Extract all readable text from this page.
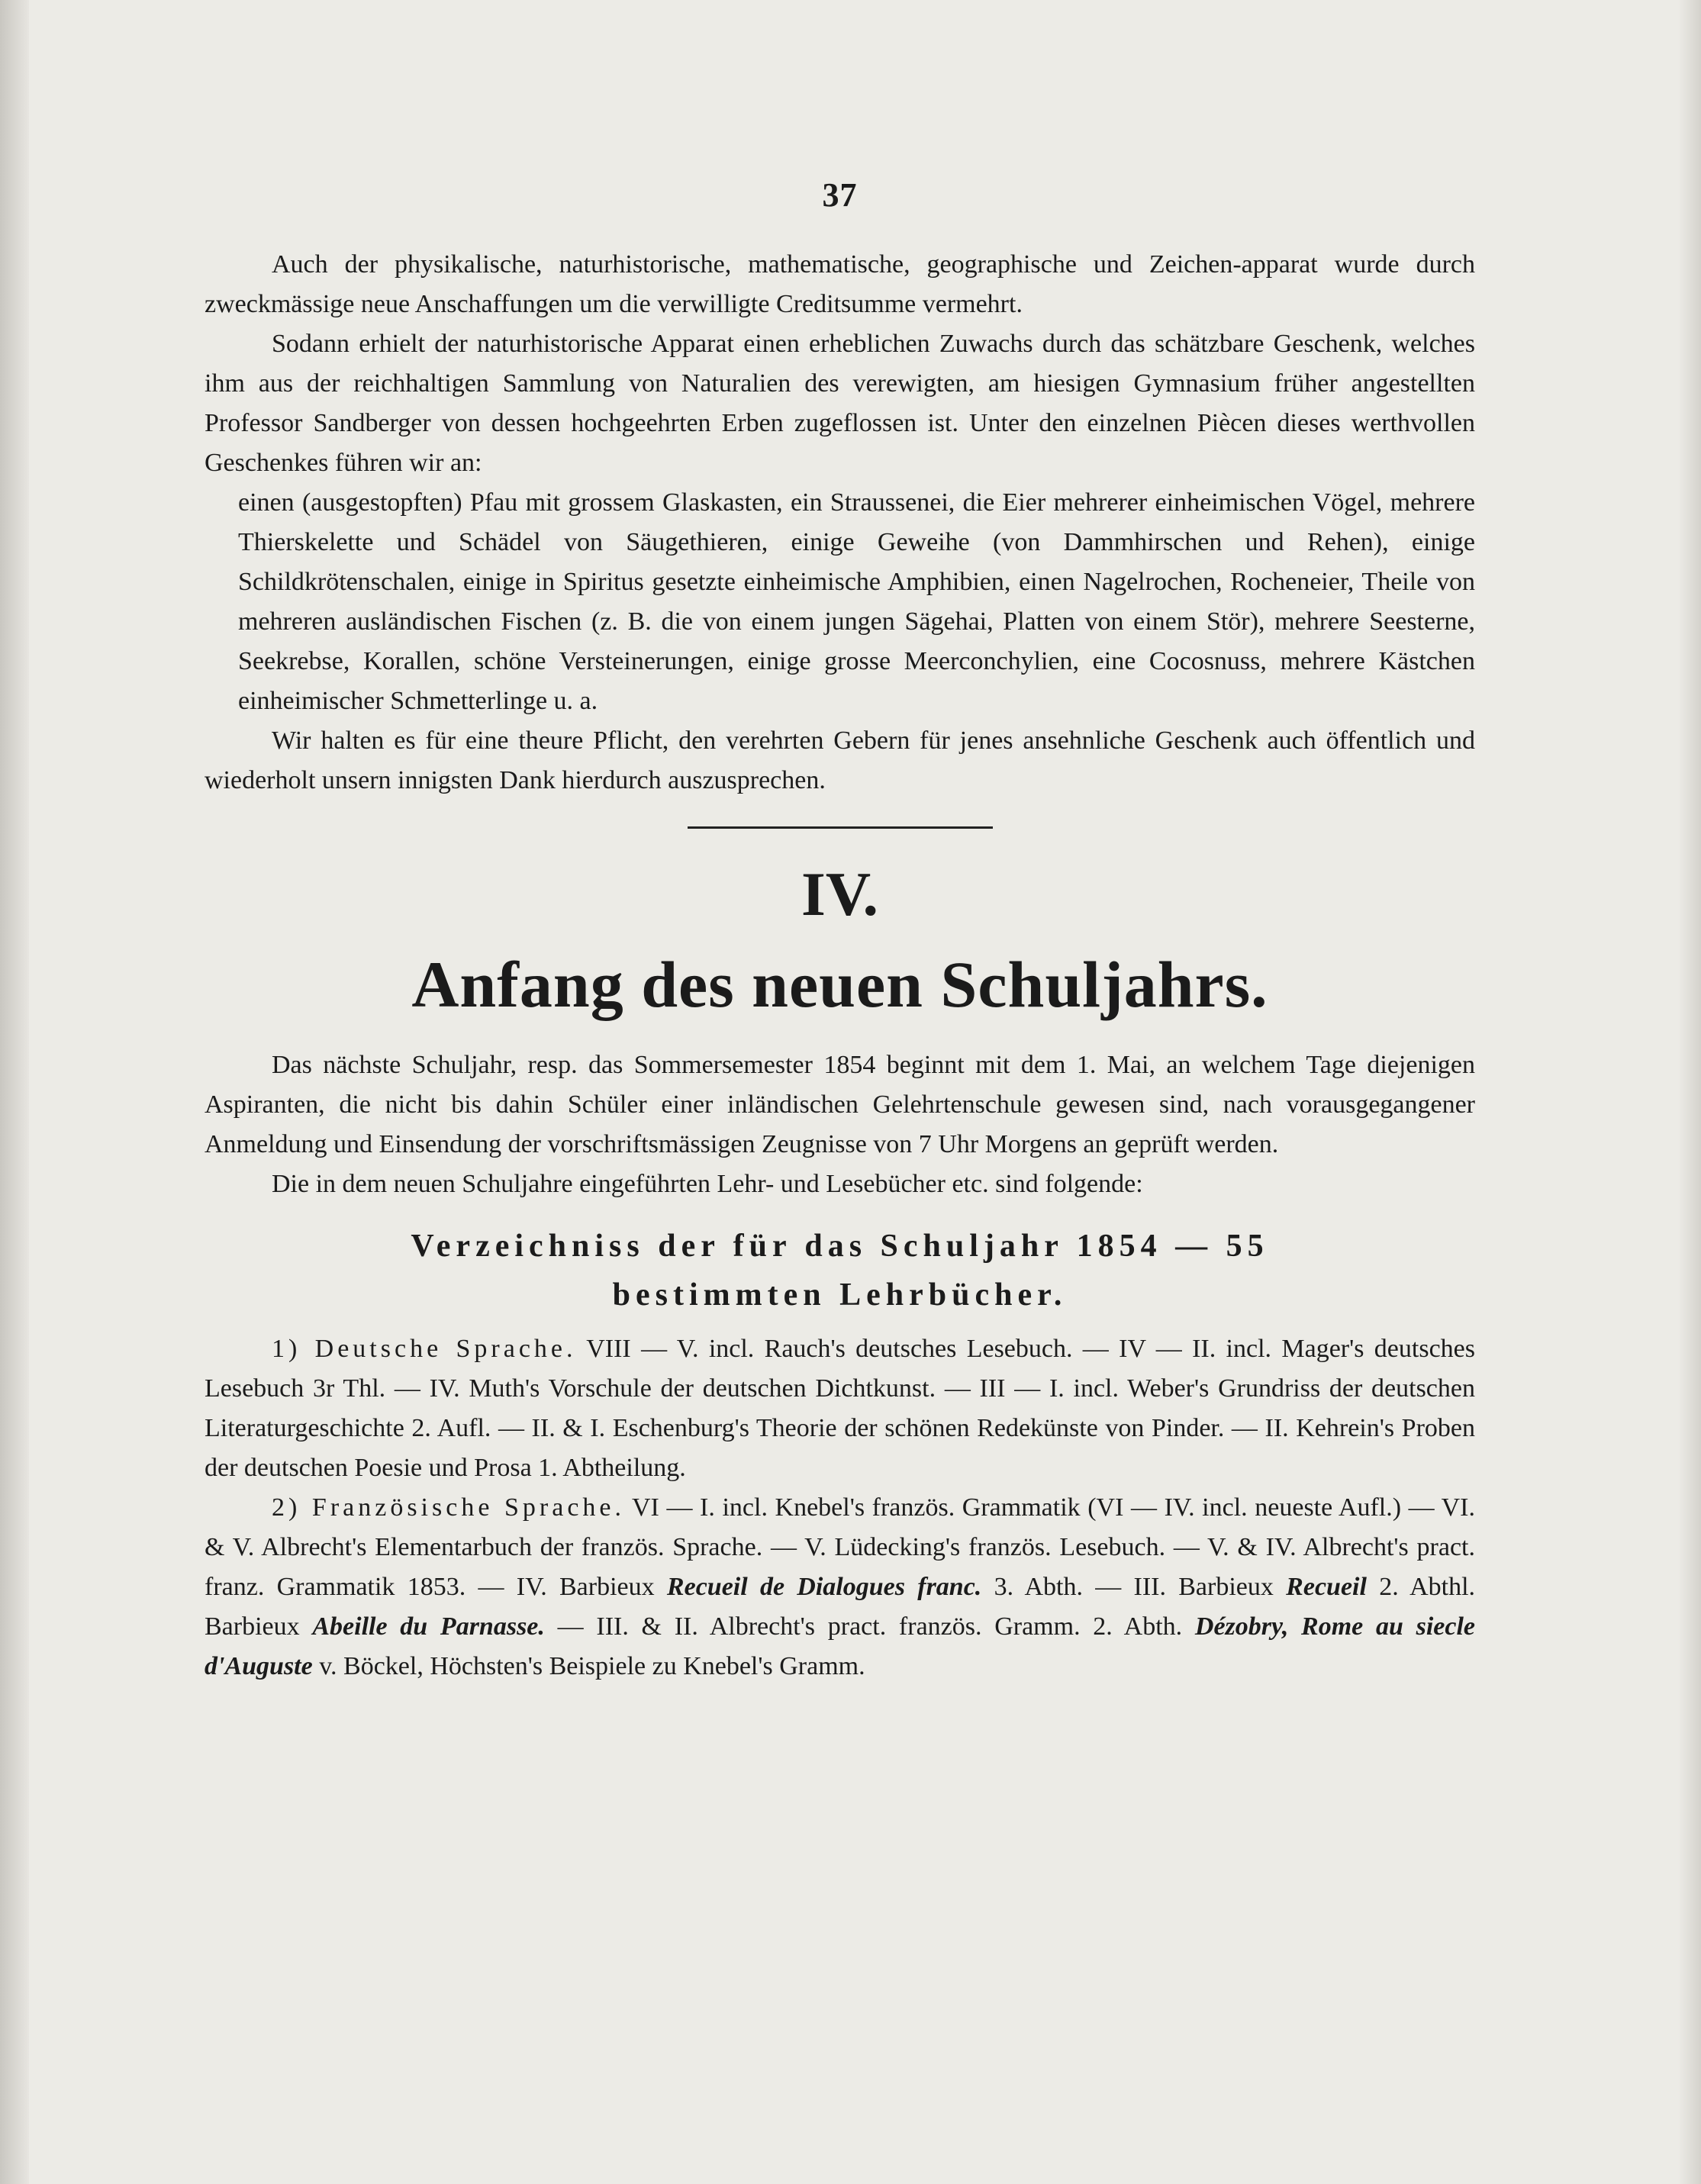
37

Auch der physikalische, naturhistorische, mathematische, geographische und Zeichen-apparat wurde durch zweckmässige neue Anschaffungen um die verwilligte Creditsumme vermehrt.

Sodann erhielt der naturhistorische Apparat einen erheblichen Zuwachs durch das schätzbare Geschenk, welches ihm aus der reichhaltigen Sammlung von Naturalien des verewigten, am hiesigen Gymnasium früher angestellten Professor Sandberger von dessen hochgeehrten Erben zugeflossen ist. Unter den einzelnen Piècen dieses werthvollen Geschenkes führen wir an:

einen (ausgestopften) Pfau mit grossem Glaskasten, ein Straussenei, die Eier mehrerer einheimischen Vögel, mehrere Thierskelette und Schädel von Säugethieren, einige Geweihe (von Dammhirschen und Rehen), einige Schildkrötenschalen, einige in Spiritus gesetzte einheimische Amphibien, einen Nagelrochen, Rocheneier, Theile von mehreren ausländischen Fischen (z. B. die von einem jungen Sägehai, Platten von einem Stör), mehrere Seesterne, Seekrebse, Korallen, schöne Versteinerungen, einige grosse Meerconchylien, eine Cocosnuss, mehrere Kästchen einheimischer Schmetterlinge u. a.

Wir halten es für eine theure Pflicht, den verehrten Gebern für jenes ansehnliche Geschenk auch öffentlich und wiederholt unsern innigsten Dank hierdurch auszusprechen.

IV.
Anfang des neuen Schuljahrs.

Das nächste Schuljahr, resp. das Sommersemester 1854 beginnt mit dem 1. Mai, an welchem Tage diejenigen Aspiranten, die nicht bis dahin Schüler einer inländischen Gelehrtenschule gewesen sind, nach vorausgegangener Anmeldung und Einsendung der vorschriftsmässigen Zeugnisse von 7 Uhr Morgens an geprüft werden.

Die in dem neuen Schuljahre eingeführten Lehr- und Lesebücher etc. sind folgende:

Verzeichniss der für das Schuljahr 1854 — 55
bestimmten Lehrbücher.

1) Deutsche Sprache. VIII — V. incl. Rauch's deutsches Lesebuch. — IV — II. incl. Mager's deutsches Lesebuch 3r Thl. — IV. Muth's Vorschule der deutschen Dichtkunst. — III — I. incl. Weber's Grundriss der deutschen Literaturgeschichte 2. Aufl. — II. & I. Eschenburg's Theorie der schönen Redekünste von Pinder. — II. Kehrein's Proben der deutschen Poesie und Prosa 1. Abtheilung.

2) Französische Sprache. VI — I. incl. Knebel's französ. Grammatik (VI — IV. incl. neueste Aufl.) — VI. & V. Albrecht's Elementarbuch der französ. Sprache. — V. Lüdecking's französ. Lesebuch. — V. & IV. Albrecht's pract. franz. Grammatik 1853. — IV. Barbieux Recueil de Dialogues franc. 3. Abth. — III. Barbieux Recueil 2. Abthl. Barbieux Abeille du Parnasse. — III. & II. Albrecht's pract. französ. Gramm. 2. Abth. Dézobry, Rome au siecle d'Auguste v. Böckel, Höchsten's Beispiele zu Knebel's Gramm.
